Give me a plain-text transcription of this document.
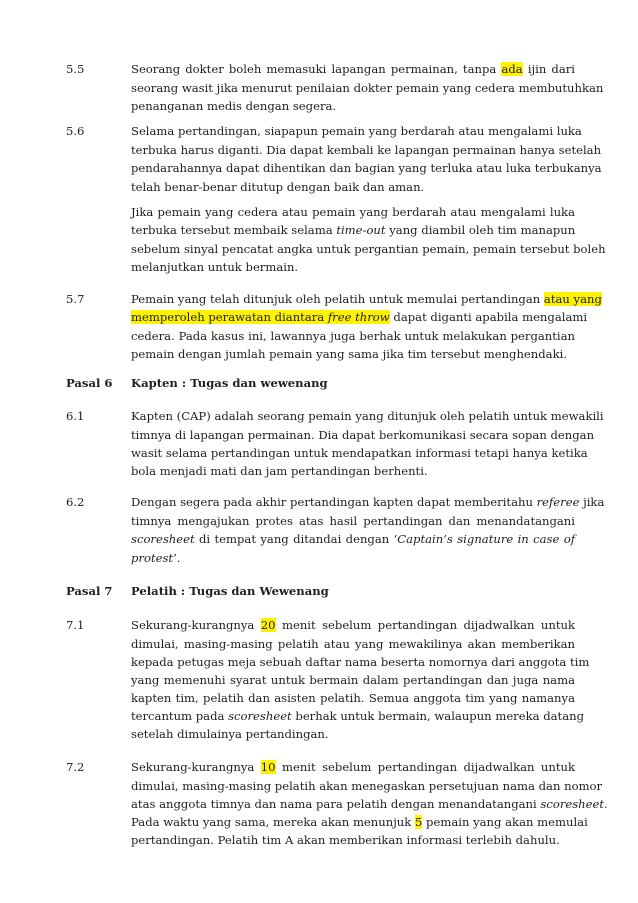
5.5	Seorang dokter boleh memasuki lapangan permainan, tanpa ada ijin dari
seorang wasit jika menurut penilaian dokter pemain yang cedera membutuhkan
penanganan medis dengan segera.
5.6	Selama pertandingan, siapapun pemain yang berdarah atau mengalami luka
terbuka harus diganti. Dia dapat kembali ke lapangan permainan hanya setelah
pendarahannya dapat dihentikan dan bagian yang terluka atau luka terbukanya
telah benar-benar ditutup dengan baik dan aman.
Jika pemain yang cedera atau pemain yang berdarah atau mengalami luka
terbuka tersebut membaik selama time-out yang diambil oleh tim manapun
sebelum sinyal pencatat angka untuk pergantian pemain, pemain tersebut boleh
melanjutkan untuk bermain.
5.7	Pemain yang telah ditunjuk oleh pelatih untuk memulai pertandingan atau yang
memperoleh perawatan diantara free throw dapat diganti apabila mengalami
cedera. Pada kasus ini, lawannya juga berhak untuk melakukan pergantian
pemain dengan jumlah pemain yang sama jika tim tersebut menghendaki.
Pasal 6 Kapten : Tugas dan wewenang
6.1	Kapten (CAP) adalah seorang pemain yang ditunjuk oleh pelatih untuk mewakili
timnya di lapangan permainan. Dia dapat berkomunikasi secara sopan dengan
wasit selama pertandingan untuk mendapatkan informasi tetapi hanya ketika
bola menjadi mati dan jam pertandingan berhenti.
6.2	Dengan segera pada akhir pertandingan kapten dapat memberitahu referee jika
timnya mengajukan protes atas hasil pertandingan dan menandatangani
scoresheet di tempat yang ditandai dengan ‘Captain’s signature in case of
protest’.
Pasal 7 Pelatih : Tugas dan Wewenang
7.1	Sekurang-kurangnya 20 menit sebelum pertandingan dijadwalkan untuk
dimulai, masing-masing pelatih atau yang mewakilinya akan memberikan
kepada petugas meja sebuah daftar nama beserta nomornya dari anggota tim
yang memenuhi syarat untuk bermain dalam pertandingan dan juga nama
kapten tim, pelatih dan asisten pelatih. Semua anggota tim yang namanya
tercantum pada scoresheet berhak untuk bermain, walaupun mereka datang
setelah dimulainya pertandingan.
7.2	Sekurang-kurangnya 10 menit sebelum pertandingan dijadwalkan untuk
dimulai, masing-masing pelatih akan menegaskan persetujuan nama dan nomor
atas anggota timnya dan nama para pelatih dengan menandatangani scoresheet.
Pada waktu yang sama, mereka akan menunjuk 5 pemain yang akan memulai
pertandingan. Pelatih tim A akan memberikan informasi terlebih dahulu.
